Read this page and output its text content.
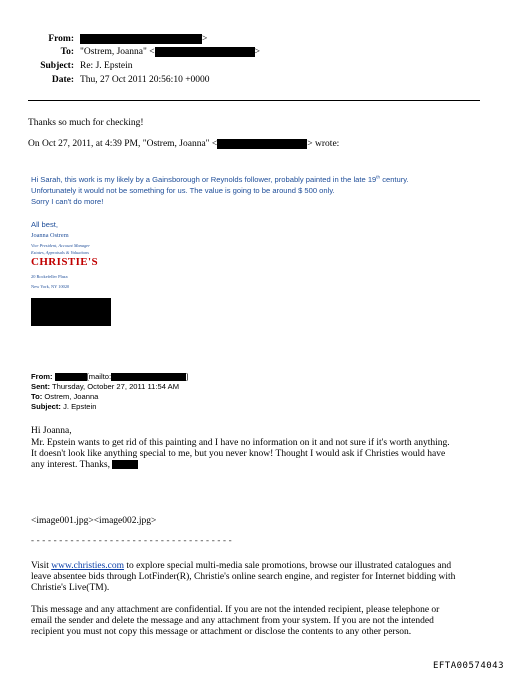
From:	>
To: "Ostrem, Joanna" <	>
Subject: Re: J. Epstein
Date: Thu, 27 Oct 2011 20:56:10 +0000
Thanks so much for checking!
On Oct 27, 2011, at 4:39 PM, "Ostrem, Joanna" <	> wrote:
Hi Sarah, this work is my likely by a Gainsborough or Reynolds follower, probably painted in the late 19th century.
Unfortunately it would not be something for us. The value is going to be around $ 500 only.
Sorry I can't do more!
All best,
Joanna Ostrem
Vice President, Account Manager
Estates, Appraisals & Valuations
CHRISTIE'S
20 Rockefeller Plaza
New York, NY 10020
From:	[mailto:	]
Sent: Thursday, October 27, 2011 11:54 AM
To: Ostrem, Joanna
Subject: J. Epstein
Hi Joanna,
Mr. Epstein wants to get rid of this painting and I have no information on it and not sure if it's worth anything.
It doesn't look like anything special to me, but you never know! Thought I would ask if Christies would have
any interest. Thanks,
<image001.jpg><image002.jpg>
- - - - - - - - - - - - - - - - - - - - - - - - - - - - - - - - - - - -
Visit www.christies.com to explore special multi-media sale promotions, browse our illustrated catalogues and
leave absentee bids through LotFinder(R), Christie's online search engine, and register for Internet bidding with
Christie's Live(TM).
This message and any attachment are confidential. If you are not the intended recipient, please telephone or
email the sender and delete the message and any attachment from your system. If you are not the intended
recipient you must not copy this message or attachment or disclose the contents to any other person.
EFTA00574043
